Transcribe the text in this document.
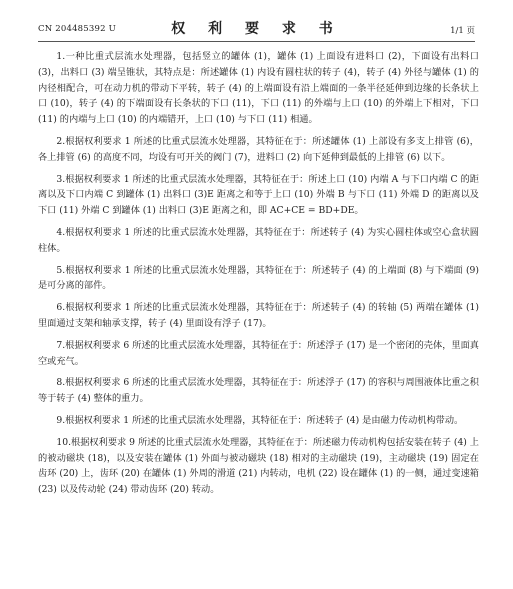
CN 204485392 U	权 利 要 求 书	1/1 页

1.一种比重式层流水处理器，包括竖立的罐体 (1)，罐体 (1) 上面设有进料口 (2)，下面设有出料口 (3)，出料口 (3) 端呈锥状，其特点是：所述罐体 (1) 内设有圆柱状的转子 (4)，转子 (4) 外径与罐体 (1) 的内径相配合，可在动力机的带动下平转，转子 (4) 的上端面设有沿上端面的一条半径延伸到边缘的长条状上口 (10)，转子 (4) 的下端面设有长条状的下口 (11)，下口 (11) 的外端与上口 (10) 的外端上下相对，下口 (11) 的内端与上口 (10) 的内端错开，上口 (10) 与下口 (11) 相通。

2.根据权利要求 1 所述的比重式层流水处理器，其特征在于：所述罐体 (1) 上部设有多支上排管 (6)，各上排管 (6) 的高度不同，均设有可开关的阀门 (7)，进料口 (2) 向下延伸到最低的上排管 (6) 以下。

3.根据权利要求 1 所述的比重式层流水处理器，其特征在于：所述上口 (10) 内端 A 与下口内端 C 的距离以及下口内端 C 到罐体 (1) 出料口 (3)E 距离之和等于上口 (10) 外端 B 与下口 (11) 外端 D 的距离以及下口 (11) 外端 C 到罐体 (1) 出料口 (3)E 距离之和，即 AC+CE = BD+DE。

4.根据权利要求 1 所述的比重式层流水处理器，其特征在于：所述转子 (4) 为实心圆柱体或空心盒状圆柱体。

5.根据权利要求 1 所述的比重式层流水处理器，其特征在于：所述转子 (4) 的上端面 (8) 与下端面 (9) 是可分离的部件。

6.根据权利要求 1 所述的比重式层流水处理器，其特征在于：所述转子 (4) 的转轴 (5) 两端在罐体 (1) 里面通过支架和轴承支撑，转子 (4) 里面设有浮子 (17)。

7.根据权利要求 6 所述的比重式层流水处理器，其特征在于：所述浮子 (17) 是一个密闭的壳体，里面真空或充气。

8.根据权利要求 6 所述的比重式层流水处理器，其特征在于：所述浮子 (17) 的容积与周围液体比重之积等于转子 (4) 整体的重力。

9.根据权利要求 1 所述的比重式层流水处理器，其特征在于：所述转子 (4) 是由磁力传动机构带动。

10.根据权利要求 9 所述的比重式层流水处理器，其特征在于：所述磁力传动机构包括安装在转子 (4) 上的被动磁块 (18)，以及安装在罐体 (1) 外面与被动磁块 (18) 相对的主动磁块 (19)，主动磁块 (19) 固定在齿环 (20) 上，齿环 (20) 在罐体 (1) 外周的滑道 (21) 内转动，电机 (22) 设在罐体 (1) 的一侧，通过变速箱 (23) 以及传动轮 (24) 带动齿环 (20) 转动。
